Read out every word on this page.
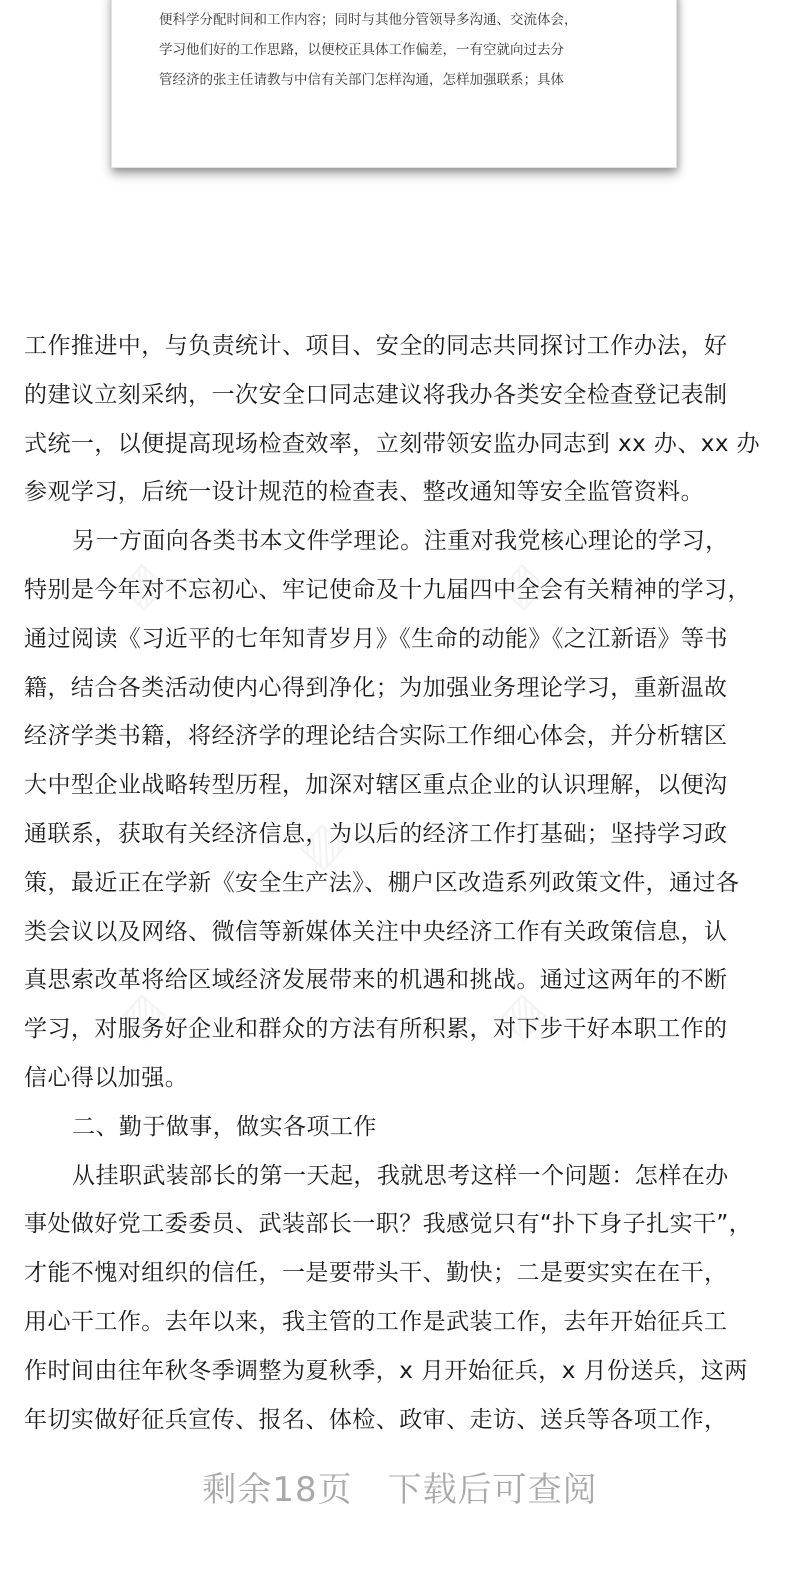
便科学分配时间和工作内容；同时与其他分管领导多沟通、交流体会，
学习他们好的工作思路，以便校正具体工作偏差，一有空就向过去分
管经济的张主任请教与中信有关部门怎样沟通，怎样加强联系；具体
工作推进中，与负责统计、项目、安全的同志共同探讨工作办法，好
的建议立刻采纳，一次安全口同志建议将我办各类安全检查登记表制
式统一，以便提高现场检查效率，立刻带领安监办同志到 xx 办、xx 办
参观学习，后统一设计规范的检查表、整改通知等安全监管资料。
另一方面向各类书本文件学理论。注重对我党核心理论的学习，
特别是今年对不忘初心、牢记使命及十九届四中全会有关精神的学习，
通过阅读《习近平的七年知青岁月》《生命的动能》《之江新语》等书
籍，结合各类活动使内心得到净化；为加强业务理论学习，重新温故
经济学类书籍，将经济学的理论结合实际工作细心体会，并分析辖区
大中型企业战略转型历程，加深对辖区重点企业的认识理解，以便沟
通联系，获取有关经济信息，为以后的经济工作打基础；坚持学习政
策，最近正在学新《安全生产法》、棚户区改造系列政策文件，通过各
类会议以及网络、微信等新媒体关注中央经济工作有关政策信息，认
真思索改革将给区域经济发展带来的机遇和挑战。通过这两年的不断
学习，对服务好企业和群众的方法有所积累，对下步干好本职工作的
信心得以加强。
二、勤于做事，做实各项工作
从挂职武装部长的第一天起，我就思考这样一个问题：怎样在办
事处做好党工委委员、武装部长一职？我感觉只有“扑下身子扎实干”，
才能不愧对组织的信任，一是要带头干、勤快；二是要实实在在干，
用心干工作。去年以来，我主管的工作是武装工作，去年开始征兵工
作时间由往年秋冬季调整为夏秋季，x 月开始征兵，x 月份送兵，这两
年切实做好征兵宣传、报名、体检、政审、走访、送兵等各项工作，
剩余18页　下载后可查阅
